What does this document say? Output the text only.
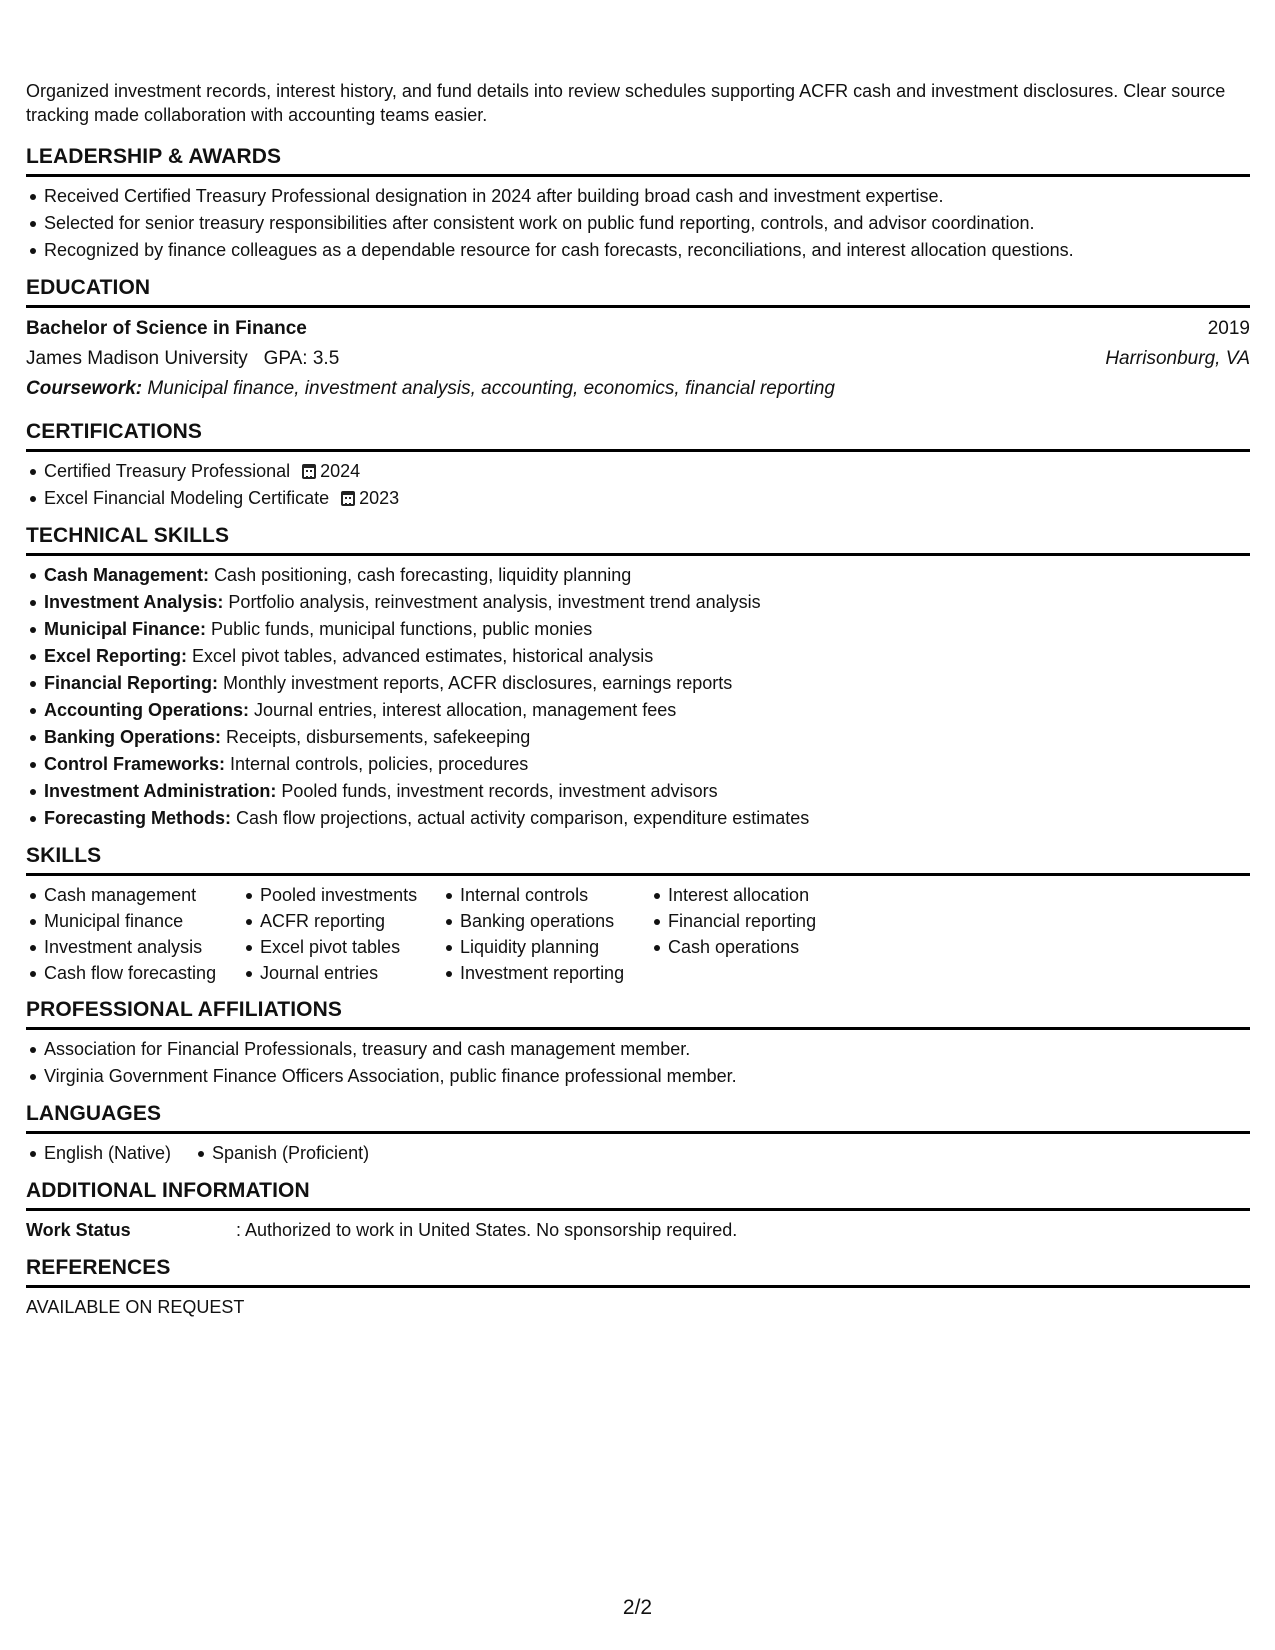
Organized investment records, interest history, and fund details into review schedules supporting ACFR cash and investment disclosures. Clear source tracking made collaboration with accounting teams easier.

LEADERSHIP & AWARDS
Received Certified Treasury Professional designation in 2024 after building broad cash and investment expertise.
Selected for senior treasury responsibilities after consistent work on public fund reporting, controls, and advisor coordination.
Recognized by finance colleagues as a dependable resource for cash forecasts, reconciliations, and interest allocation questions.
EDUCATION
Bachelor of Science in Finance	2019
James Madison University GPA: 3.5	Harrisonburg, VA
Coursework: Municipal finance, investment analysis, accounting, economics, financial reporting
CERTIFICATIONS
Certified Treasury Professional 2024
Excel Financial Modeling Certificate 2023
TECHNICAL SKILLS
Cash Management: Cash positioning, cash forecasting, liquidity planning
Investment Analysis: Portfolio analysis, reinvestment analysis, investment trend analysis
Municipal Finance: Public funds, municipal functions, public monies
Excel Reporting: Excel pivot tables, advanced estimates, historical analysis
Financial Reporting: Monthly investment reports, ACFR disclosures, earnings reports
Accounting Operations: Journal entries, interest allocation, management fees
Banking Operations: Receipts, disbursements, safekeeping
Control Frameworks: Internal controls, policies, procedures
Investment Administration: Pooled funds, investment records, investment advisors
Forecasting Methods: Cash flow projections, actual activity comparison, expenditure estimates
SKILLS
Cash management
Municipal finance
Investment analysis
Cash flow forecasting
Pooled investments
ACFR reporting
Excel pivot tables
Journal entries
Internal controls
Banking operations
Liquidity planning
Investment reporting
Interest allocation
Financial reporting
Cash operations
PROFESSIONAL AFFILIATIONS
Association for Financial Professionals, treasury and cash management member.
Virginia Government Finance Officers Association, public finance professional member.
LANGUAGES
English (Native)	Spanish (Proficient)
ADDITIONAL INFORMATION
Work Status	: Authorized to work in United States. No sponsorship required.
REFERENCES
AVAILABLE ON REQUEST
2/2
